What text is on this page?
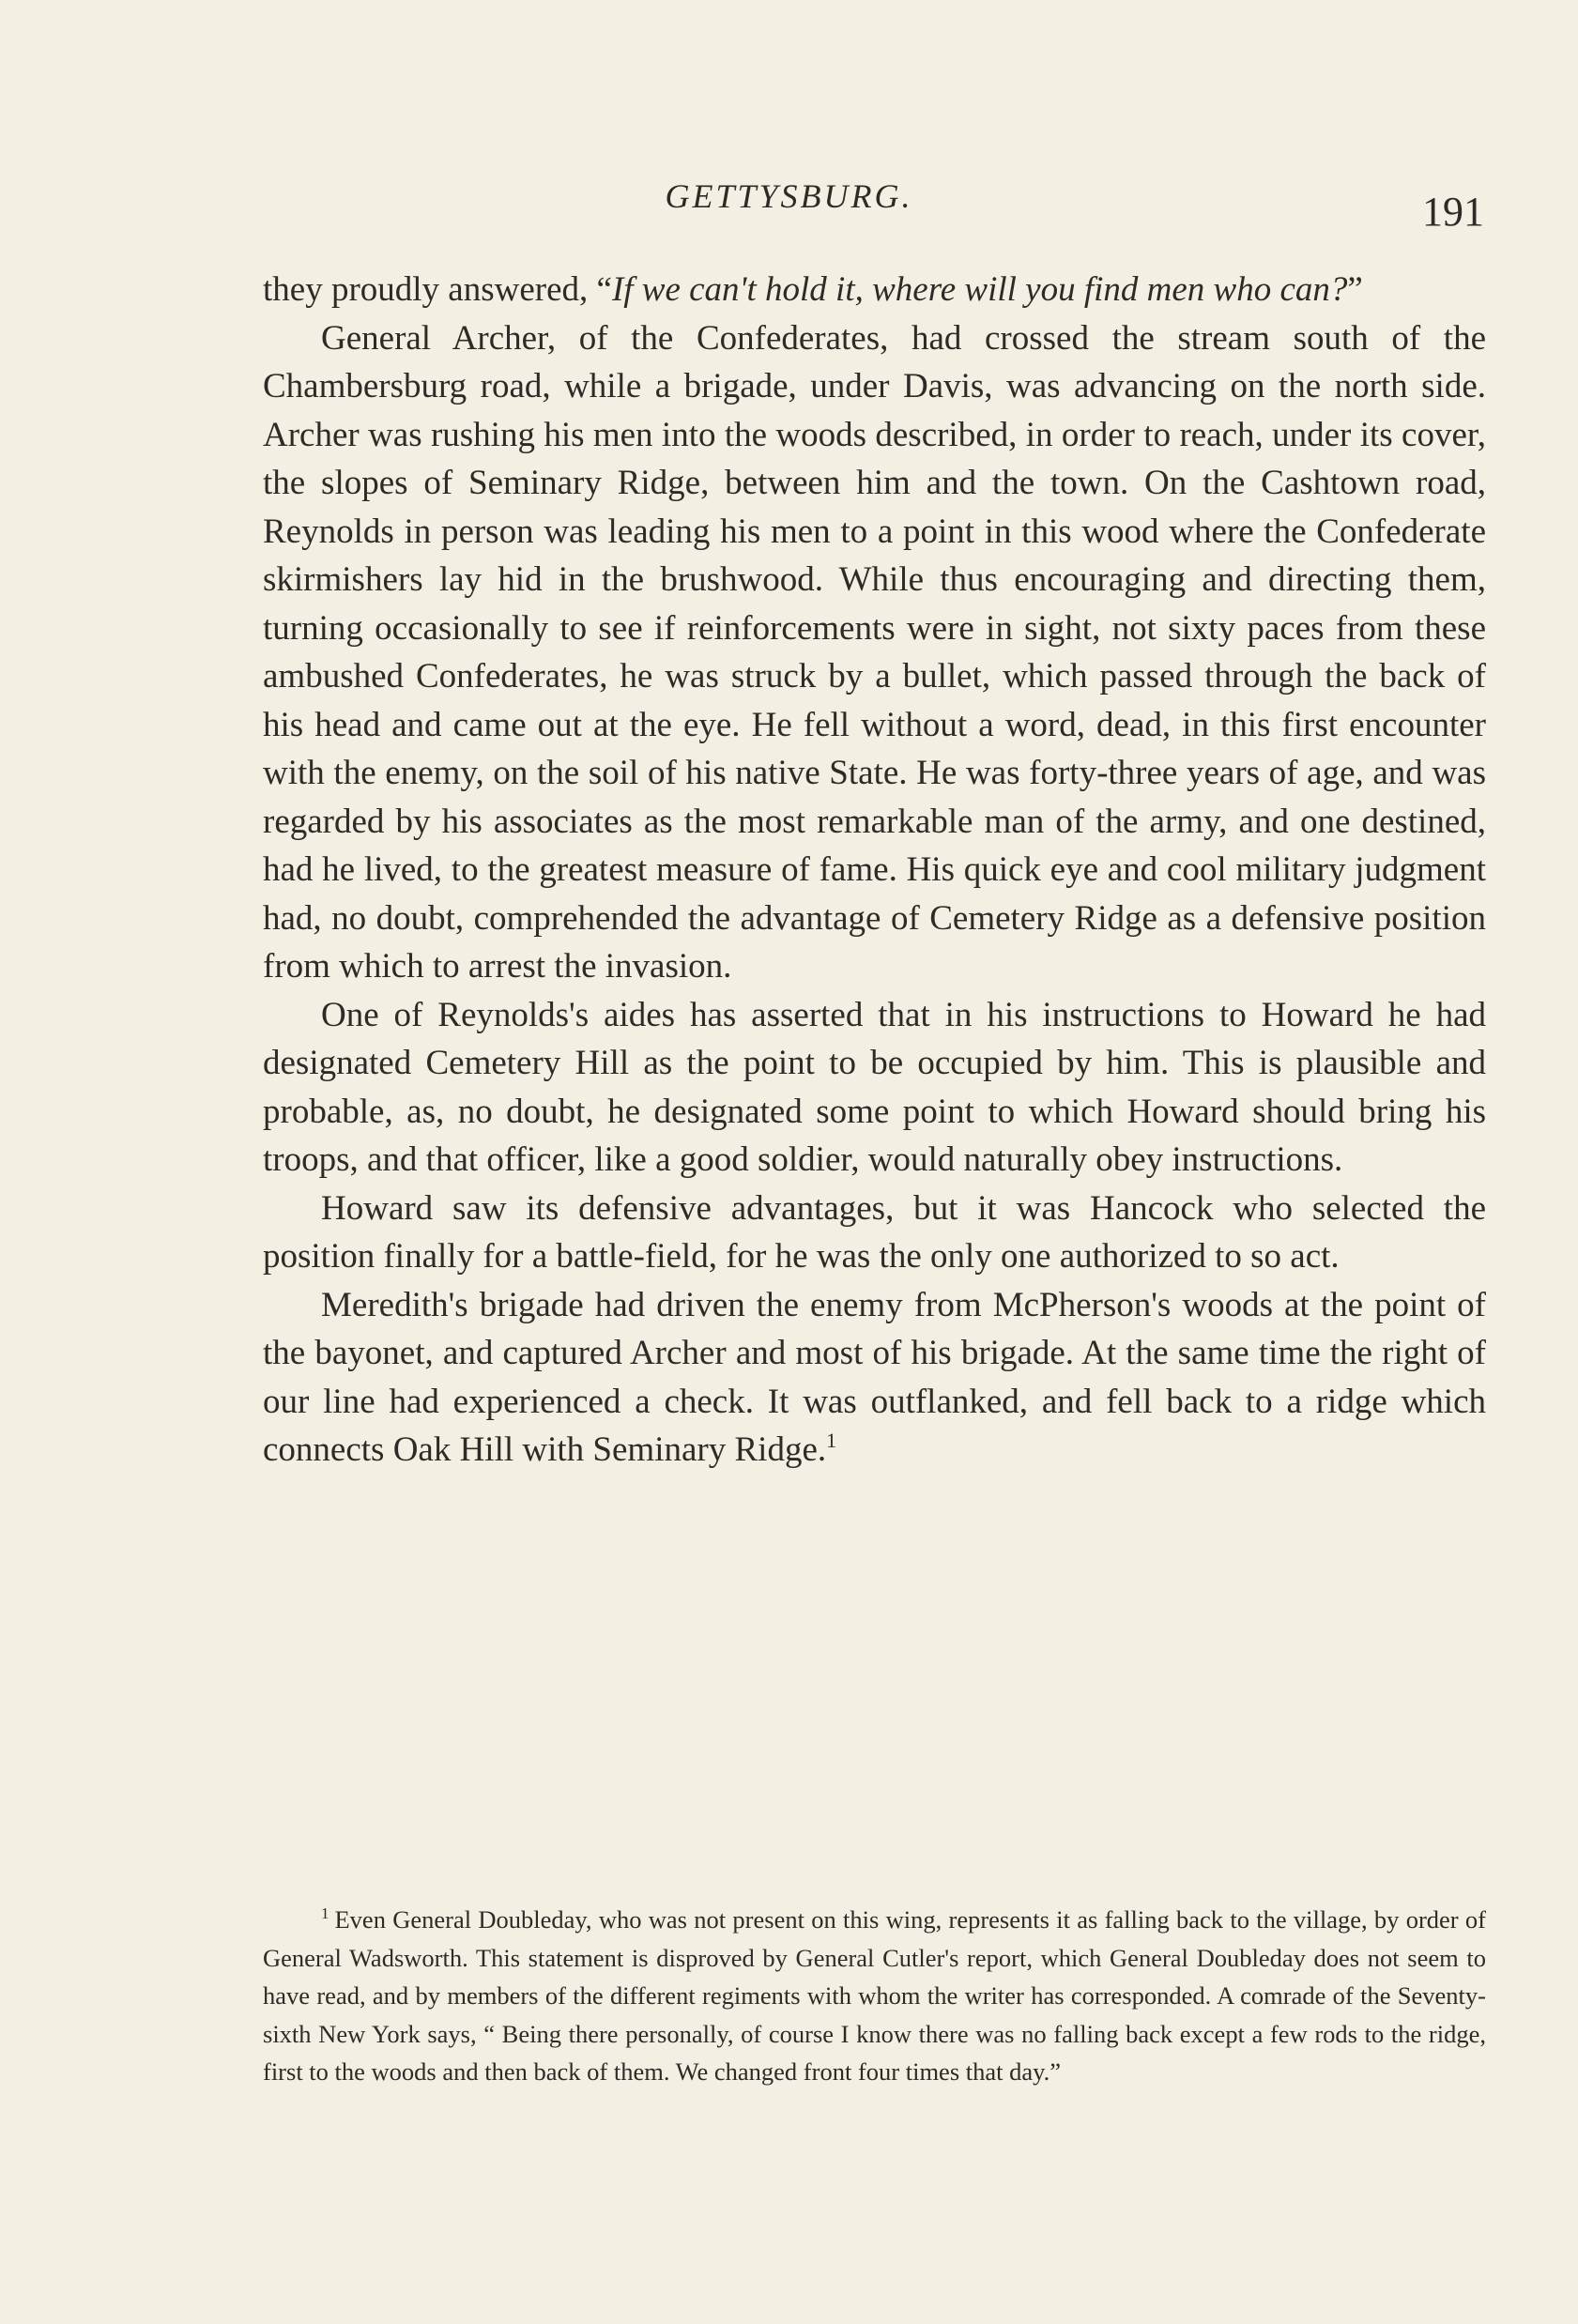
GETTYSBURG.	191

they proudly answered, “If we can't hold it, where will you find men who can?”

General Archer, of the Confederates, had crossed the stream south of the Chambersburg road, while a brigade, under Davis, was advancing on the north side. Archer was rushing his men into the woods described, in order to reach, under its cover, the slopes of Seminary Ridge, between him and the town. On the Cashtown road, Reynolds in person was leading his men to a point in this wood where the Confederate skirmishers lay hid in the brushwood. While thus encouraging and directing them, turning occasionally to see if reinforcements were in sight, not sixty paces from these ambushed Confederates, he was struck by a bullet, which passed through the back of his head and came out at the eye. He fell without a word, dead, in this first encounter with the enemy, on the soil of his native State. He was forty-three years of age, and was regarded by his associates as the most remarkable man of the army, and one destined, had he lived, to the greatest measure of fame. His quick eye and cool military judgment had, no doubt, comprehended the advantage of Cemetery Ridge as a defensive position from which to arrest the invasion.

One of Reynolds's aides has asserted that in his instructions to Howard he had designated Cemetery Hill as the point to be occupied by him. This is plausible and probable, as, no doubt, he designated some point to which Howard should bring his troops, and that officer, like a good soldier, would naturally obey instructions.

Howard saw its defensive advantages, but it was Hancock who selected the position finally for a battle-field, for he was the only one authorized to so act.

Meredith's brigade had driven the enemy from McPherson's woods at the point of the bayonet, and captured Archer and most of his brigade. At the same time the right of our line had experienced a check. It was outflanked, and fell back to a ridge which connects Oak Hill with Seminary Ridge.$^1$

$^1$ Even General Doubleday, who was not present on this wing, represents it as falling back to the village, by order of General Wadsworth. This statement is disproved by General Cutler's report, which General Doubleday does not seem to have read, and by members of the different regiments with whom the writer has corresponded. A comrade of the Seventy-sixth New York says, “ Being there personally, of course I know there was no falling back except a few rods to the ridge, first to the woods and then back of them. We changed front four times that day.”
